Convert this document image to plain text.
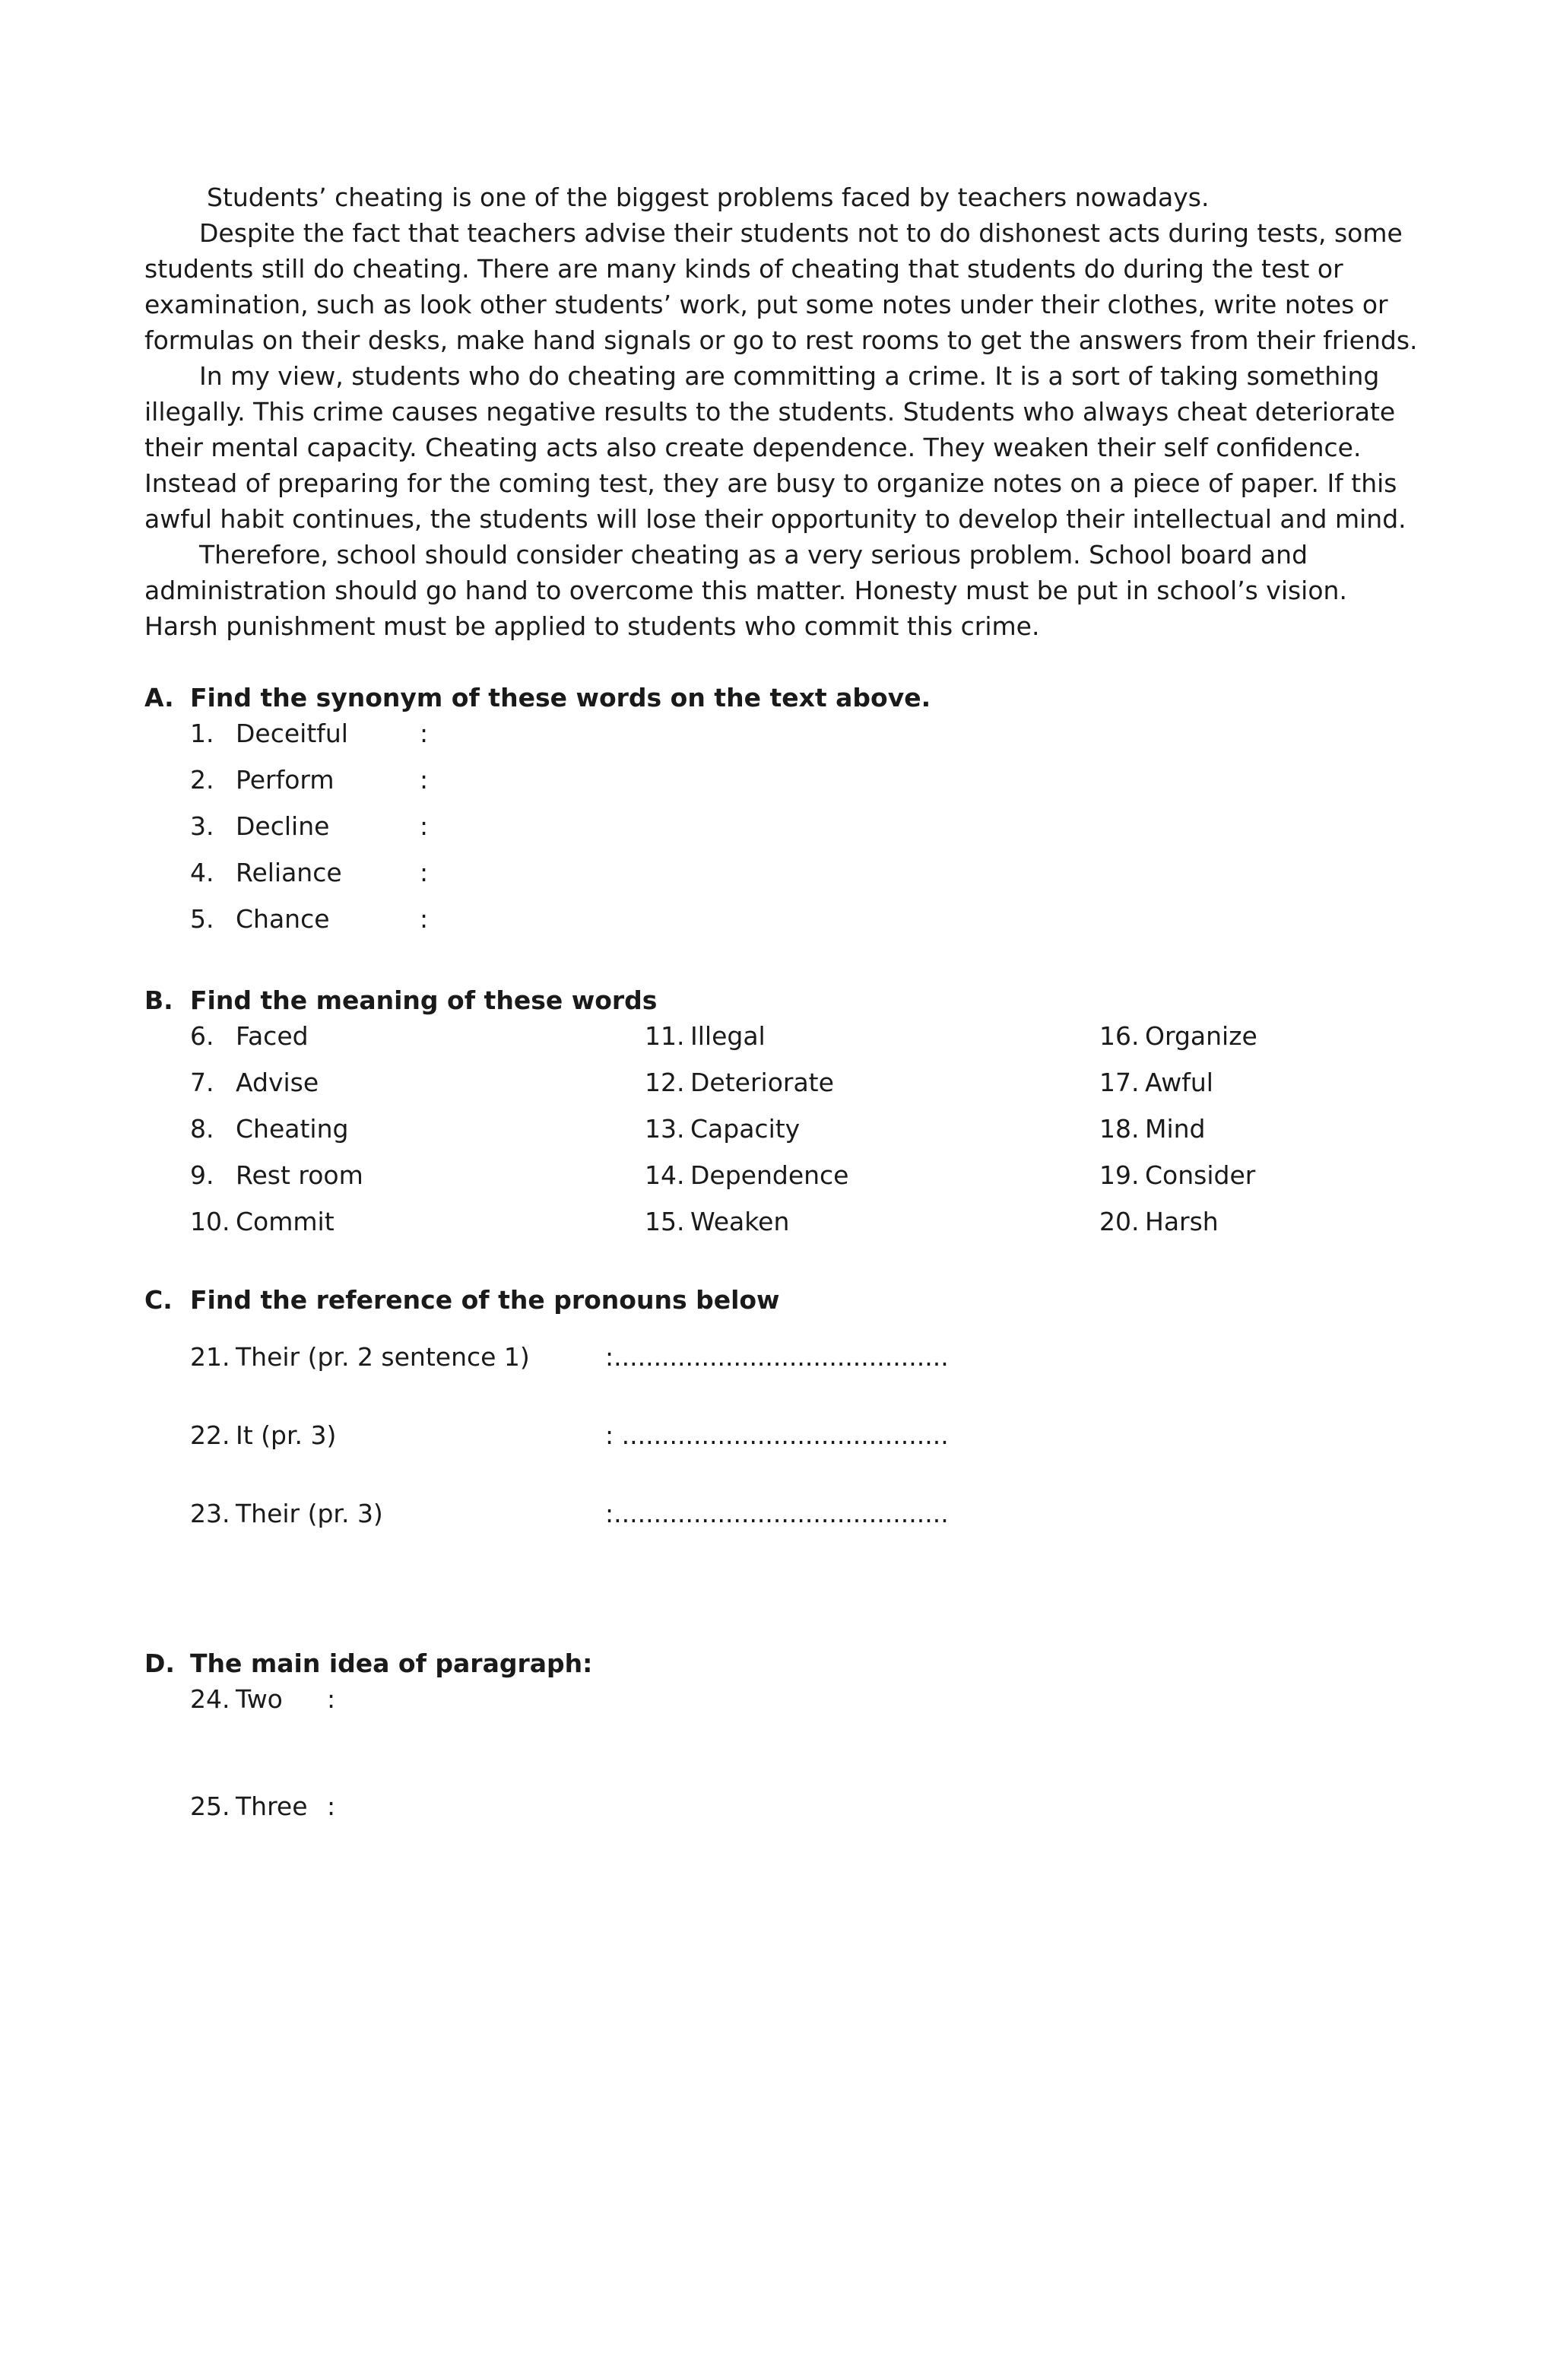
Students’ cheating is one of the biggest problems faced by teachers nowadays.

Despite the fact that teachers advise their students not to do dishonest acts during tests, some students still do cheating. There are many kinds of cheating that students do during the test or examination, such as look other students’ work, put some notes under their clothes, write notes or formulas on their desks, make hand signals or go to rest rooms to get the answers from their friends.

In my view, students who do cheating are committing a crime. It is a sort of taking something illegally. This crime causes negative results to the students. Students who always cheat deteriorate their mental capacity. Cheating acts also create dependence. They weaken their self confidence. Instead of preparing for the coming test, they are busy to organize notes on a piece of paper. If this awful habit continues, the students will lose their opportunity to develop their intellectual and mind.

Therefore, school should consider cheating as a very serious problem. School board and administration should go hand to overcome this matter. Honesty must be put in school’s vision. Harsh punishment must be applied to students who commit this crime.

A. Find the synonym of these words on the text above.
1. Deceitful	:
2. Perform	:
3. Decline	:
4. Reliance	:
5. Chance	:
B. Find the meaning of these words
6. Faced	11. Illegal	16. Organize
7. Advise	12. Deteriorate	17. Awful
8. Cheating	13. Capacity	18. Mind
9. Rest room	14. Dependence	19. Consider
10. Commit	15. Weaken	20. Harsh
C. Find the reference of the pronouns below
21. Their (pr. 2 sentence 1)	:..........................................
22. It (pr. 3)	: .........................................
23. Their (pr. 3)	:..........................................
D. The main idea of paragraph:
24. Two :
25. Three :
